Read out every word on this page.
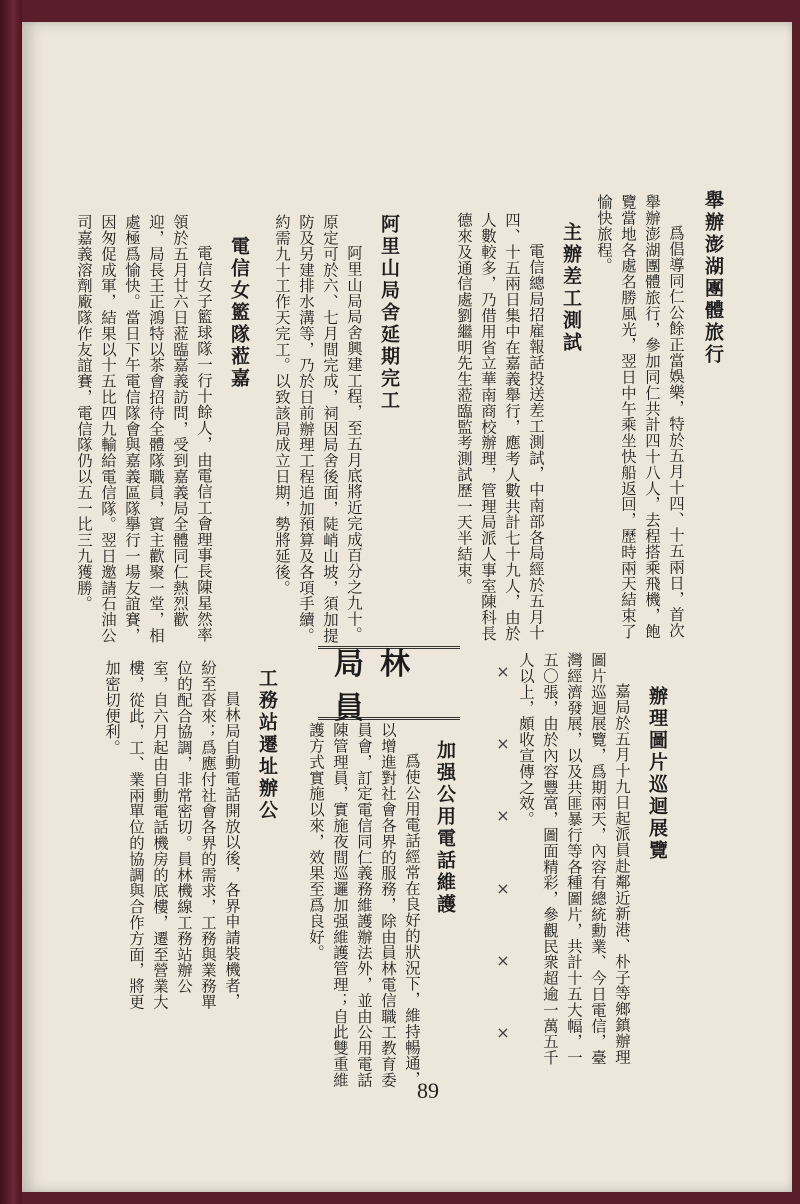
舉辦澎湖團體旅行

爲倡導同仁公餘正當娛樂，特於五月十四、十五兩日，首次舉辦澎湖團體旅行，參加同仁共計四十八人，去程搭乘飛機，飽覽當地各處名勝風光，翌日中午乘坐快船返回，歷時兩天結束了愉快旅程。

主辦差工測試

電信總局招雇報話投送差工測試，中南部各局經於五月十四、十五兩日集中在嘉義舉行，應考人數共計七十九人，由於人數較多，乃借用省立華南商校辦理，管理局派人事室陳科長德來及通信處劉繼明先生蒞臨監考測試歷一天半結束。

阿里山局舍延期完工

阿里山局局舍興建工程，至五月底將近完成百分之九十。原定可於六、七月間完成，祠因局舍後面，陡峭山坡，須加提防及另建排水溝等，乃於日前辦理工程追加預算及各項手續。約需九十工作天完工。以致該局成立日期，勢將延後。

電信女籃隊蒞嘉

電信女子籃球隊一行十餘人，由電信工會理事長陳星然率領於五月廿六日蒞臨嘉義訪問，受到嘉義局全體同仁熱烈歡迎，局長王正鴻特以茶會招待全體隊職員，賓主歡聚一堂，相處極爲愉快。當日下午電信隊會與嘉義區隊擧行一場友誼賽，因匆促成軍，結果以十五比四九輸給電信隊。翌日邀請石油公司嘉義溶劑廠隊作友誼賽，電信隊仍以五一比三九獲勝。

辦理圖片巡迴展覽

嘉局於五月十九日起派員赴鄰近新港、朴子等鄉鎮辦理圖片巡迴展覽，爲期兩天，內容有總統勳業、今日電信，臺灣經濟發展，以及共匪暴行等各種圖片，共計十五大幅，一五〇張，由於內容豐富，圖面精彩，參觀民衆超逾一萬五千人以上，頗收宣傳之效。

×
×
×
×
×
×
局林員
加强公用電話維護

爲使公用電話經常在良好的狀況下，維持暢通，以增進對社會各界的服務，除由員林電信職工教育委員會，訂定電信同仁義務維護辦法外，並由公用電話陳管理員，實施夜間巡邏加强維護管理；自此雙重維護方式實施以來，效果至爲良好。

工務站遷址辦公

員林局自動電話開放以後，各界申請裝機者，紛至沓來；爲應付社會各界的需求，工務與業務單位的配合協調，非常密切。員林機線工務站辦公室，自六月起由自動電話機房的底樓，遷至營業大樓，從此，工、業兩單位的協調與合作方面，將更加密切便利。

89
